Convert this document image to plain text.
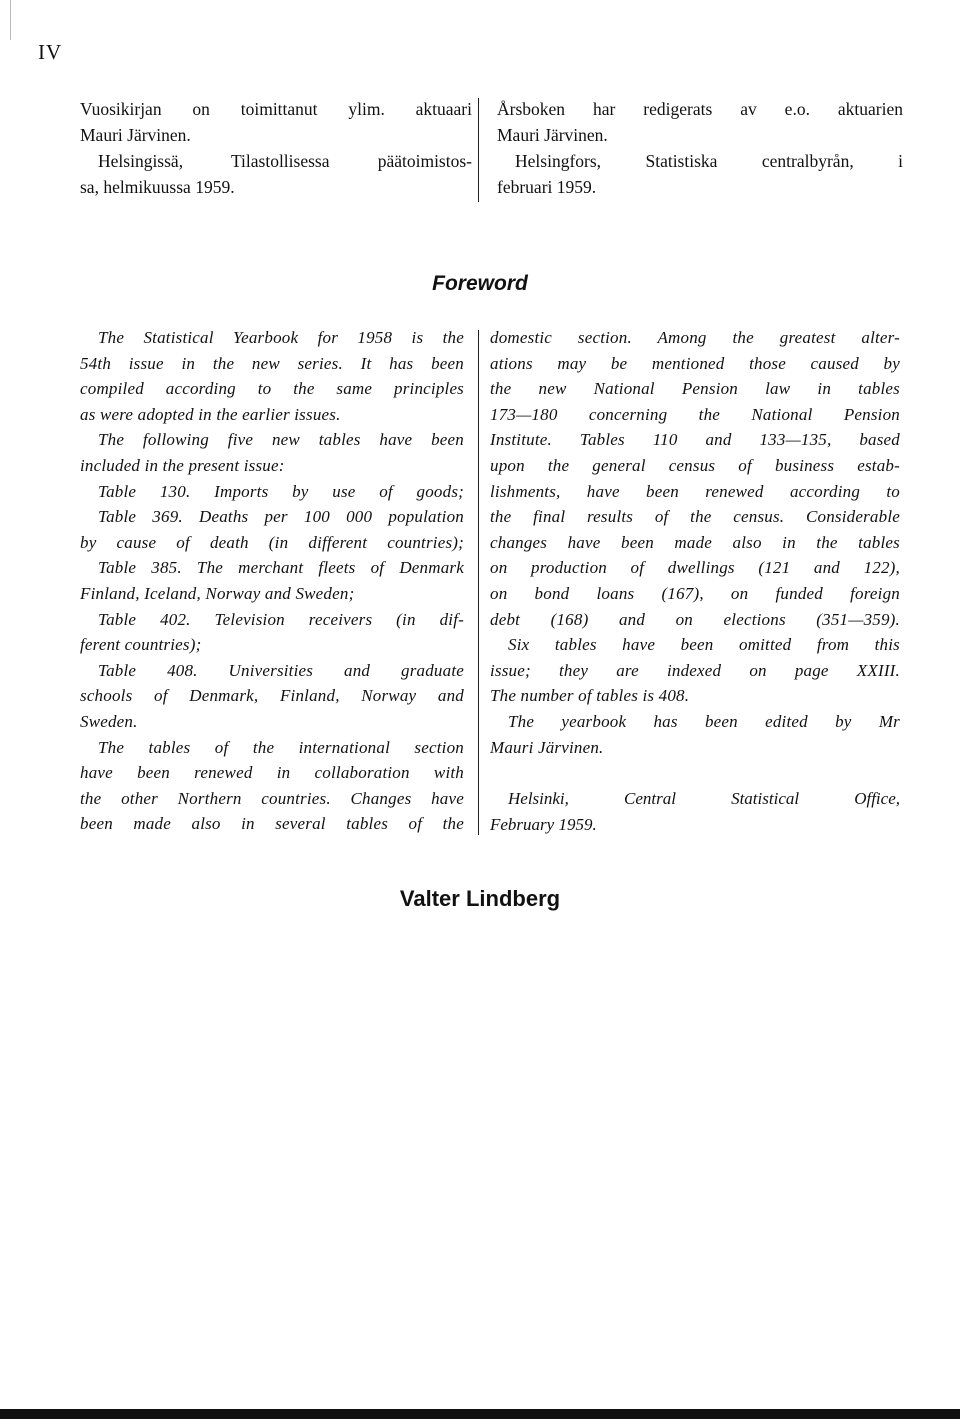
IV
Vuosikirjan on toimittanut ylim. aktuaari
Mauri Järvinen.
Helsingissä, Tilastollisessa päätoimistos-
sa, helmikuussa 1959.
Årsboken har redigerats av e.o. aktuarien
Mauri Järvinen.
Helsingfors, Statistiska centralbyrån, i
februari 1959.
Foreword
The Statistical Yearbook for 1958 is the
54th issue in the new series. It has been
compiled according to the same principles
as were adopted in the earlier issues.
The following five new tables have been
included in the present issue:
Table 130. Imports by use of goods;
Table 369. Deaths per 100 000 population
by cause of death (in different countries);
Table 385. The merchant fleets of Denmark
Finland, Iceland, Norway and Sweden;
Table 402. Television receivers (in dif-
ferent countries);
Table 408. Universities and graduate
schools of Denmark, Finland, Norway and
Sweden.
The tables of the international section
have been renewed in collaboration with
the other Northern countries. Changes have
been made also in several tables of the
domestic section. Among the greatest alter-
ations may be mentioned those caused by
the new National Pension law in tables
173—180 concerning the National Pension
Institute. Tables 110 and 133—135, based
upon the general census of business estab-
lishments, have been renewed according to
the final results of the census. Considerable
changes have been made also in the tables
on production of dwellings (121 and 122),
on bond loans (167), on funded foreign
debt (168) and on elections (351—359).
Six tables have been omitted from this
issue; they are indexed on page XXIII.
The number of tables is 408.
The yearbook has been edited by Mr
Mauri Järvinen.
Helsinki, Central Statistical Office,
February 1959.
Valter Lindberg
